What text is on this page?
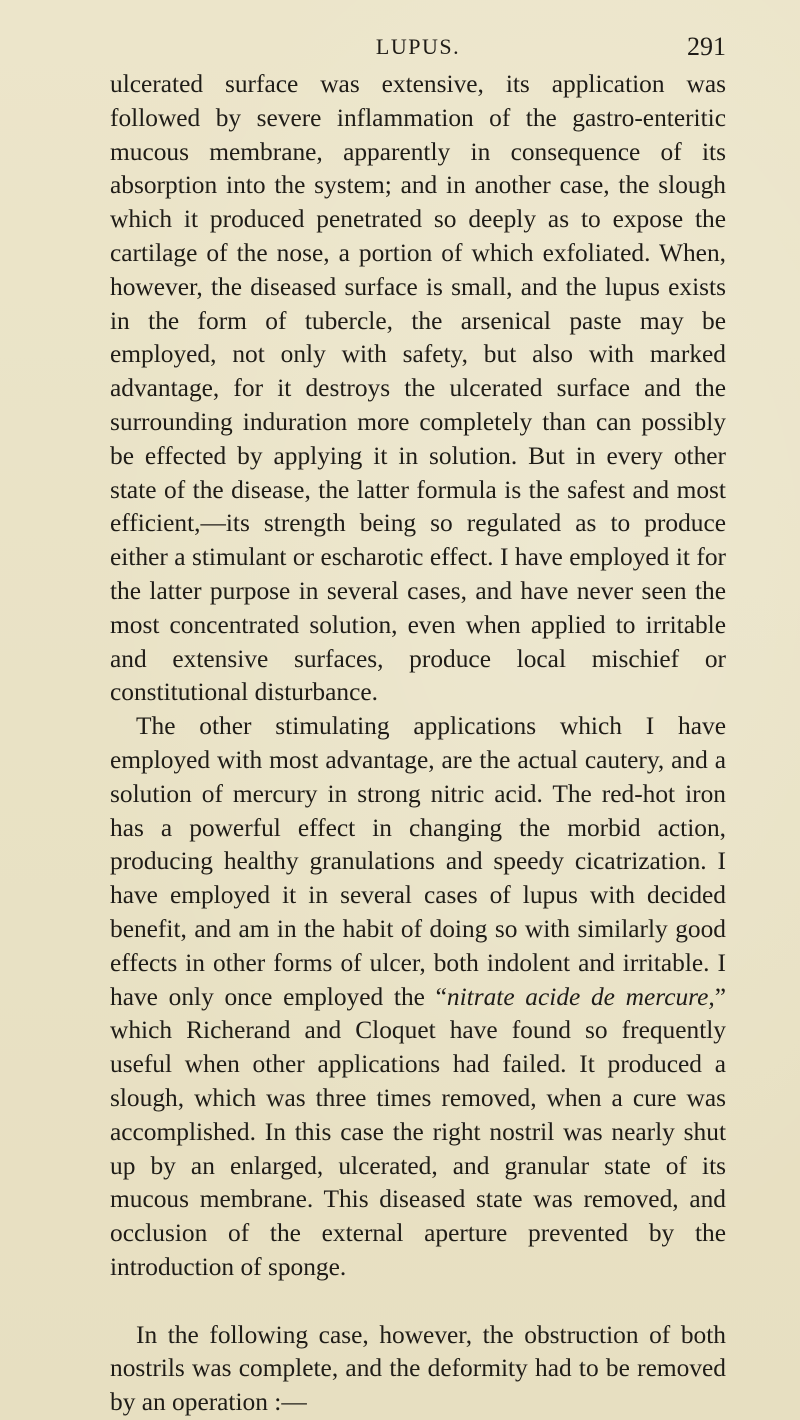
LUPUS.	291

ulcerated surface was extensive, its application was followed by severe inflammation of the gastro-enteritic mucous membrane, apparently in consequence of its absorption into the system; and in another case, the slough which it produced penetrated so deeply as to expose the cartilage of the nose, a portion of which exfoliated. When, however, the diseased surface is small, and the lupus exists in the form of tubercle, the arsenical paste may be employed, not only with safety, but also with marked advantage, for it destroys the ulcerated surface and the surrounding induration more completely than can possibly be effected by applying it in solution. But in every other state of the disease, the latter formula is the safest and most efficient,—its strength being so regulated as to produce either a stimulant or escharotic effect. I have employed it for the latter purpose in several cases, and have never seen the most concentrated solution, even when applied to irritable and extensive surfaces, produce local mischief or constitutional disturbance.

The other stimulating applications which I have employed with most advantage, are the actual cautery, and a solution of mercury in strong nitric acid. The red-hot iron has a powerful effect in changing the morbid action, producing healthy granulations and speedy cicatrization. I have employed it in several cases of lupus with decided benefit, and am in the habit of doing so with similarly good effects in other forms of ulcer, both indolent and irritable. I have only once employed the “nitrate acide de mercure,” which Richerand and Cloquet have found so frequently useful when other applications had failed. It produced a slough, which was three times removed, when a cure was accomplished. In this case the right nostril was nearly shut up by an enlarged, ulcerated, and granular state of its mucous membrane. This diseased state was removed, and occlusion of the external aperture prevented by the introduction of sponge.

In the following case, however, the obstruction of both nostrils was complete, and the deformity had to be removed by an operation :—
